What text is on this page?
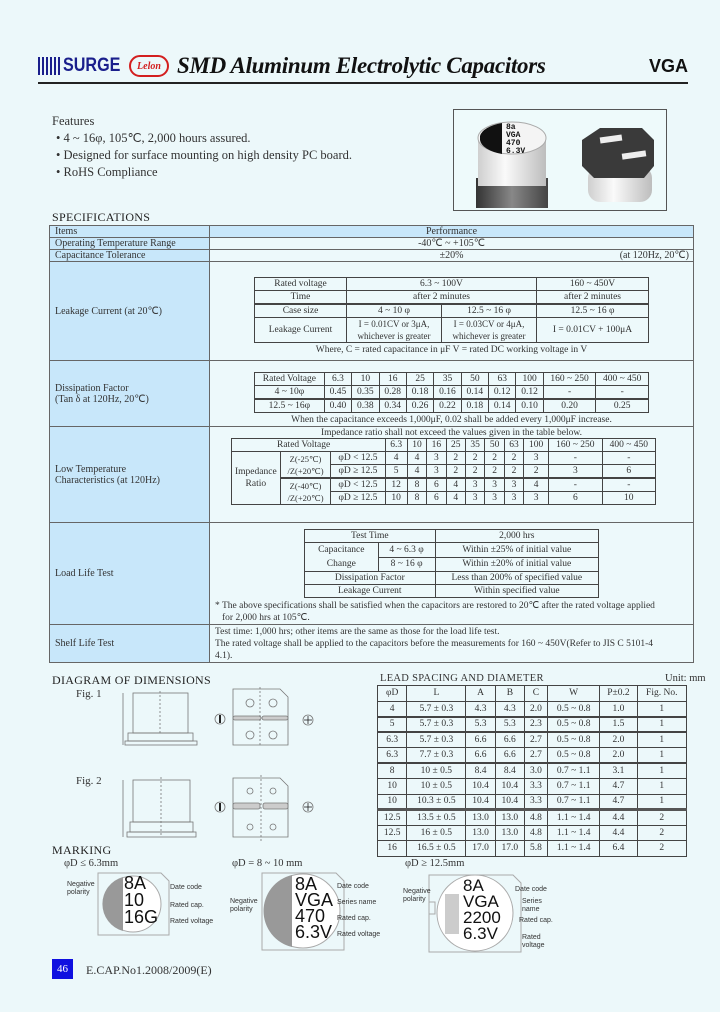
SURGE	Lelon SMD Aluminum Electrolytic Capacitors	VGA
Features
• 4 ~ 16φ, 105℃, 2,000 hours assured.
• Designed for surface mounting on high density PC board.
• RoHS Compliance
8a
VGA
470
6.3V
SPECIFICATIONS
Items	Performance
Operating Temperature Range	-40℃ ~ +105℃
Capacitance Tolerance	±20%	(at 120Hz, 20℃)

Leakage Current (at 20℃)	
Rated voltage	6.3 ~ 100V	160 ~ 450V
Time	after 2 minutes	after 2 minutes
Case size	4 ~ 10 φ	12.5 ~ 16 φ	12.5 ~ 16 φ
Leakage Current	I = 0.01CV or 3μA, whichever is greater	I = 0.03CV or 4μA, whichever is greater	I = 0.01CV + 100μA
Where, C = rated capacitance in μF V = rated DC working voltage in V

Dissipation Factor
(Tan δ at 120Hz, 20℃)

Rated Voltage	6.3	10	16	25	35	50	63	100	160 ~ 250	400 ~ 450
4 ~ 10φ	0.45	0.35	0.28	0.18	0.16	0.14	0.12	0.12	-	-
12.5 ~ 16φ	0.40	0.38	0.34	0.26	0.22	0.18	0.14	0.10	0.20	0.25
When the capacitance exceeds 1,000μF, 0.02 shall be added every 1,000μF increase.

Low Temperature
Characteristics (at 120Hz)

Impedance ratio shall not exceed the values given in the table below.
Rated Voltage	6.3	10	16	25	35	50	63	100	160 ~ 250	400 ~ 450

Impedance
Ratio

Z(-25℃)
/Z(+20℃)
	φD < 12.5	4	4	3	2	2	2	2	3	-	-
φD ≥ 12.5	5	4	3	2	2	2	2	2	3	6

Z(-40℃)
/Z(+20℃)
	φD < 12.5	12	8	6	4	3	3	3	4	-	-
φD ≥ 12.5	10	8	6	4	3	3	3	3	6	10

Load Life Test	
Test Time	2,000 hrs

Capacitance
Change
	4 ~ 6.3 φ	Within ±25% of initial value
8 ~ 16 φ	Within ±20% of initial value
Dissipation Factor	Less than 200% of specified value
Leakage Current	Within specified value
* The above specifications shall be satisfied when the capacitors are restored to 20℃ after the rated voltage applied
for 2,000 hrs at 105℃.

Shelf Life Test	
Test time: 1,000 hrs; other items are the same as those for the load life test.
The rated voltage shall be applied to the capacitors before the measurements for 160 ~ 450V(Refer to JIS C 5101-4
4.1).
DIAGRAM OF DIMENSIONS
Fig. 1
Fig. 2
LEAD SPACING AND DIAMETER	Unit: mm
φD	L	A	B	C	W	P±0.2	Fig. No.
4	5.7 ± 0.3	4.3	4.3	2.0	0.5 ~ 0.8	1.0	1
5	5.7 ± 0.3	5.3	5.3	2.3	0.5 ~ 0.8	1.5	1
6.3	5.7 ± 0.3	6.6	6.6	2.7	0.5 ~ 0.8	2.0	1
6.3	7.7 ± 0.3	6.6	6.6	2.7	0.5 ~ 0.8	2.0	1
8	10 ± 0.5	8.4	8.4	3.0	0.7 ~ 1.1	3.1	1
10	10 ± 0.5	10.4	10.4	3.3	0.7 ~ 1.1	4.7	1
10	10.3 ± 0.5	10.4	10.4	3.3	0.7 ~ 1.1	4.7	1
12.5	13.5 ± 0.5	13.0	13.0	4.8	1.1 ~ 1.4	4.4	2
12.5	16 ± 0.5	13.0	13.0	4.8	1.1 ~ 1.4	4.4	2
16	16.5 ± 0.5	17.0	17.0	5.8	1.1 ~ 1.4	6.4	2
MARKING
φD ≤ 6.3mm
8A
10
16G
Negative polarity
Date code
Rated cap.
Rated voltage
φD = 8 ~ 10 mm
8A
VGA
470
6.3V
Negative polarity
Date code
Series name
Rated cap.
Rated voltage
φD ≥ 12.5mm
8A
VGA
2200
6.3V
Negative polarity
Date code
Series name
Rated cap.
Rated voltage
46	E.CAP.No1.2008/2009(E)
